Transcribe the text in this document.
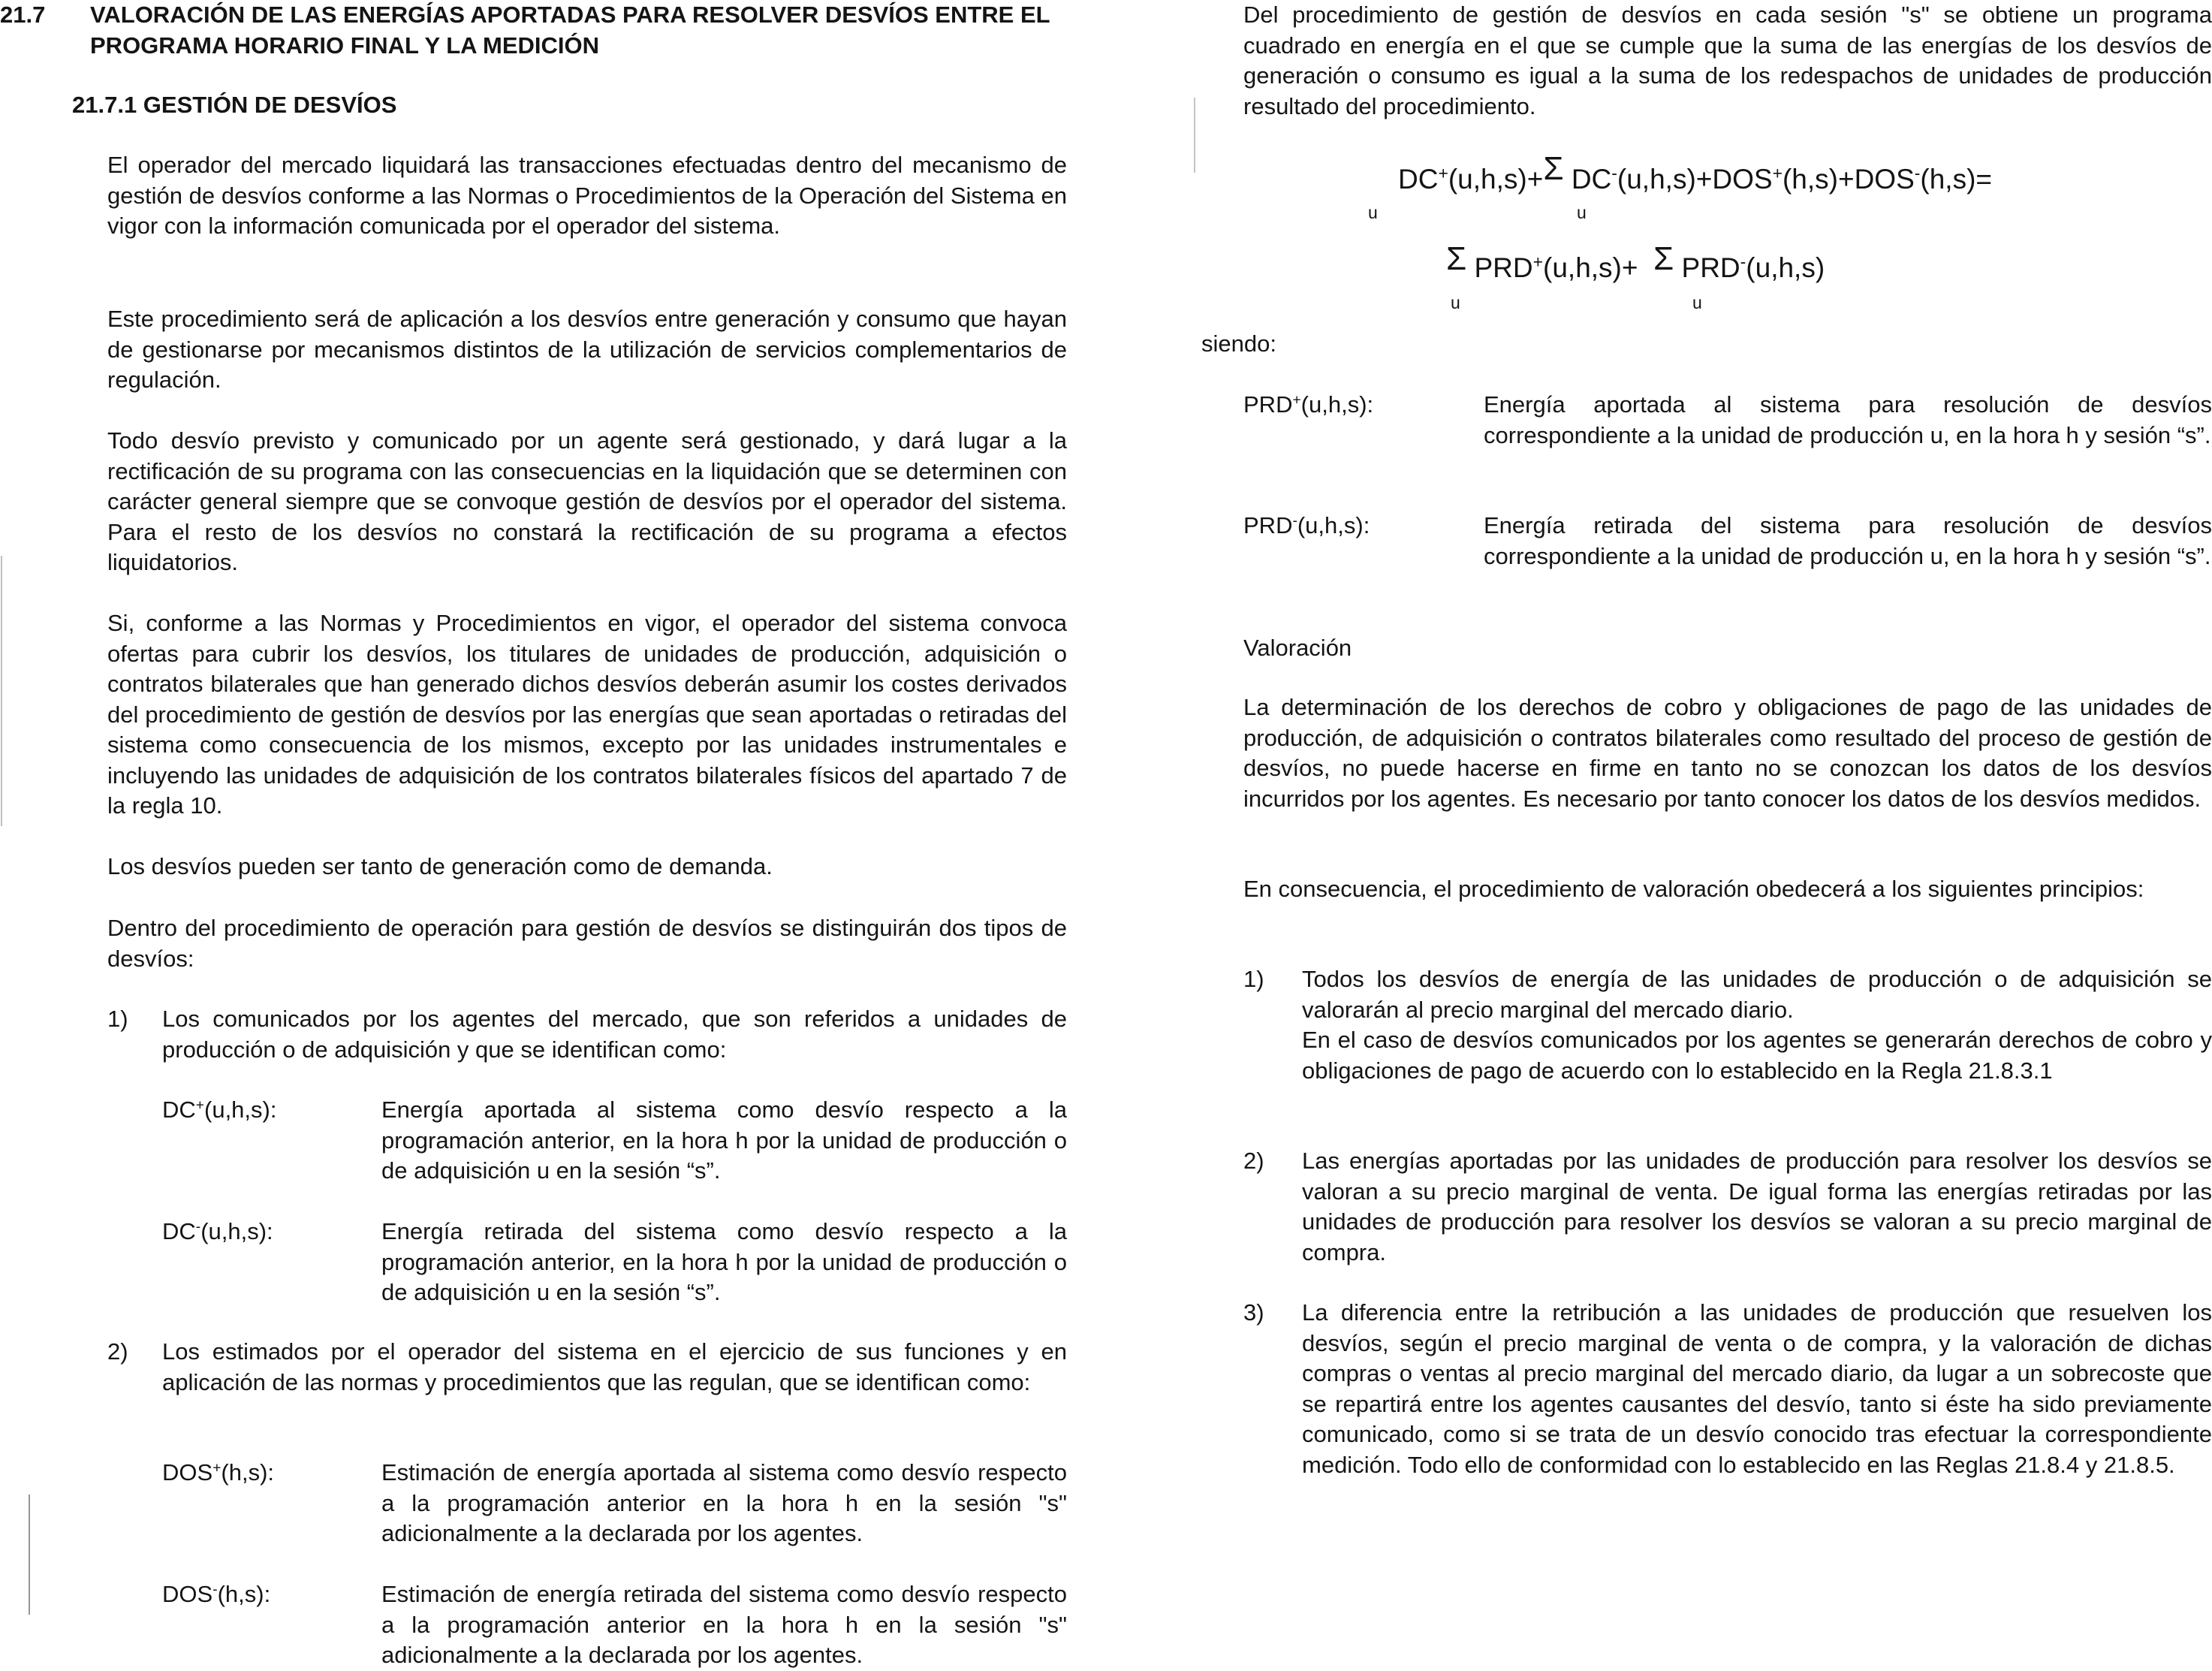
21.7 VALORACIÓN DE LAS ENERGÍAS APORTADAS PARA RESOLVER DESVÍOS ENTRE EL PROGRAMA HORARIO FINAL Y LA MEDICIÓN
21.7.1 GESTIÓN DE DESVÍOS

El operador del mercado liquidará las transacciones efectuadas dentro del mecanismo de gestión de desvíos conforme a las Normas o Procedimientos de la Operación del Sistema en vigor con la información comunicada por el operador del sistema.

Este procedimiento será de aplicación a los desvíos entre generación y consumo que hayan de gestionarse por mecanismos distintos de la utilización de servicios complementarios de regulación.

Todo desvío previsto y comunicado por un agente será gestionado, y dará lugar a la rectificación de su programa con las consecuencias en la liquidación que se determinen con carácter general siempre que se convoque gestión de desvíos por el operador del sistema. Para el resto de los desvíos no constará la rectificación de su programa a efectos liquidatorios.

Si, conforme a las Normas y Procedimientos en vigor, el operador del sistema convoca ofertas para cubrir los desvíos, los titulares de unidades de producción, adquisición o contratos bilaterales que han generado dichos desvíos deberán asumir los costes derivados del procedimiento de gestión de desvíos por las energías que sean aportadas o retiradas del sistema como consecuencia de los mismos, excepto por las unidades instrumentales e incluyendo las unidades de adquisición de los contratos bilaterales físicos del apartado 7 de la regla 10.

Los desvíos pueden ser tanto de generación como de demanda.

Dentro del procedimiento de operación para gestión de desvíos se distinguirán dos tipos de desvíos:

1) Los comunicados por los agentes del mercado, que son referidos a unidades de producción o de adquisición y que se identifican como:

DC+(u,h,s):	Energía aportada al sistema como desvío respecto a la programación anterior, en la hora h por la unidad de producción o de adquisición u en la sesión “s”.

DC-(u,h,s):	Energía retirada del sistema como desvío respecto a la programación anterior, en la hora h por la unidad de producción o de adquisición u en la sesión “s”.

2) Los estimados por el operador del sistema en el ejercicio de sus funciones y en aplicación de las normas y procedimientos que las regulan, que se identifican como:

DOS+(h,s):	Estimación de energía aportada al sistema como desvío respecto a la programación anterior en la hora h en la sesión "s" adicionalmente a la declarada por los agentes.

DOS-(h,s):	Estimación de energía retirada del sistema como desvío respecto a la programación anterior en la hora h en la sesión "s" adicionalmente a la declarada por los agentes.

Del procedimiento de gestión de desvíos en cada sesión "s" se obtiene un programa cuadrado en energía en el que se cumple que la suma de las energías de los desvíos de generación o consumo es igual a la suma de los redespachos de unidades de producción resultado del procedimiento.

DC+(u,h,s)+Σ DC-(u,h,s)+DOS+(h,s)+DOS-(h,s)=
u	u
Σ PRD+(u,h,s)+ Σ PRD-(u,h,s)
u	u

siendo:

PRD+(u,h,s):	Energía aportada al sistema para resolución de desvíos correspondiente a la unidad de producción u, en la hora h y sesión “s”.

PRD-(u,h,s):	Energía retirada del sistema para resolución de desvíos correspondiente a la unidad de producción u, en la hora h y sesión “s”.

Valoración

La determinación de los derechos de cobro y obligaciones de pago de las unidades de producción, de adquisición o contratos bilaterales como resultado del proceso de gestión de desvíos, no puede hacerse en firme en tanto no se conozcan los datos de los desvíos incurridos por los agentes. Es necesario por tanto conocer los datos de los desvíos medidos.

En consecuencia, el procedimiento de valoración obedecerá a los siguientes principios:

1) Todos los desvíos de energía de las unidades de producción o de adquisición se valorarán al precio marginal del mercado diario.

En el caso de desvíos comunicados por los agentes se generarán derechos de cobro y obligaciones de pago de acuerdo con lo establecido en la Regla 21.8.3.1

2) Las energías aportadas por las unidades de producción para resolver los desvíos se valoran a su precio marginal de venta. De igual forma las energías retiradas por las unidades de producción para resolver los desvíos se valoran a su precio marginal de compra.

3) La diferencia entre la retribución a las unidades de producción que resuelven los desvíos, según el precio marginal de venta o de compra, y la valoración de dichas compras o ventas al precio marginal del mercado diario, da lugar a un sobrecoste que se repartirá entre los agentes causantes del desvío, tanto si éste ha sido previamente comunicado, como si se trata de un desvío conocido tras efectuar la correspondiente medición. Todo ello de conformidad con lo establecido en las Reglas 21.8.4 y 21.8.5.
